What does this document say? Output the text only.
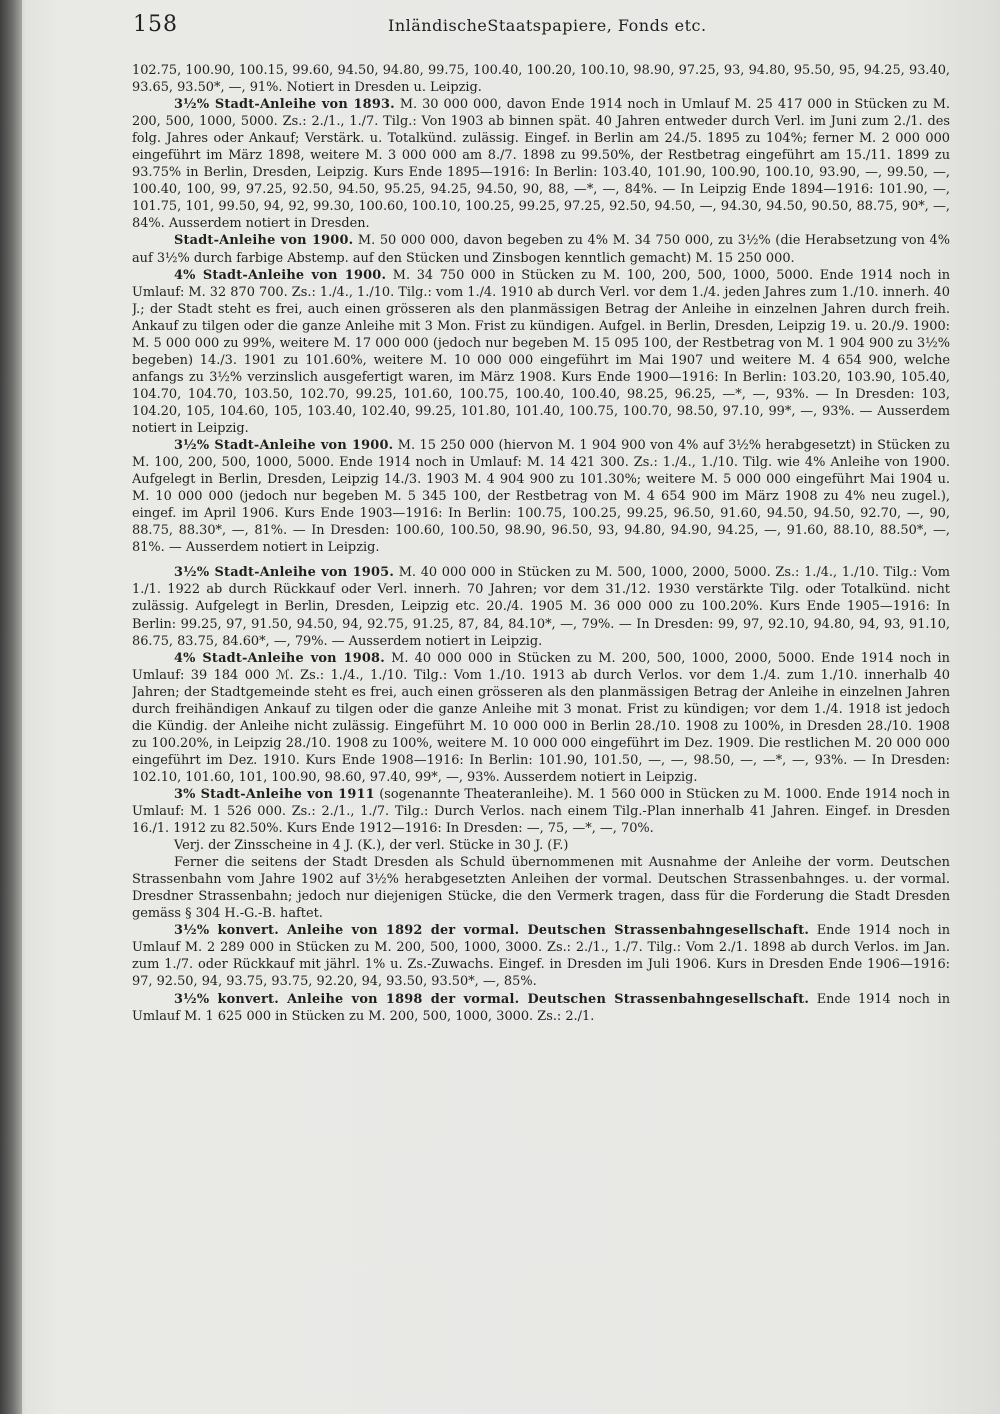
158	InländischeStaatspapiere, Fonds etc.

102.75, 100.90, 100.15, 99.60, 94.50, 94.80, 99.75, 100.40, 100.20, 100.10, 98.90, 97.25, 93, 94.80, 95.50, 95, 94.25, 93.40, 93.65, 93.50*, —, 91%. Notiert in Dresden u. Leipzig.

3½% Stadt-Anleihe von 1893. M. 30 000 000, davon Ende 1914 noch in Umlauf M. 25 417 000 in Stücken zu M. 200, 500, 1000, 5000. Zs.: 2./1., 1./7. Tilg.: Von 1903 ab binnen spät. 40 Jahren entweder durch Verl. im Juni zum 2./1. des folg. Jahres oder Ankauf; Verstärk. u. Totalkünd. zulässig. Eingef. in Berlin am 24./5. 1895 zu 104%; ferner M. 2 000 000 eingeführt im März 1898, weitere M. 3 000 000 am 8./7. 1898 zu 99.50%, der Restbetrag eingeführt am 15./11. 1899 zu 93.75% in Berlin, Dresden, Leipzig. Kurs Ende 1895—1916: In Berlin: 103.40, 101.90, 100.90, 100.10, 93.90, —, 99.50, —, 100.40, 100, 99, 97.25, 92.50, 94.50, 95.25, 94.25, 94.50, 90, 88, —*, —, 84%. — In Leipzig Ende 1894—1916: 101.90, —, 101.75, 101, 99.50, 94, 92, 99.30, 100.60, 100.10, 100.25, 99.25, 97.25, 92.50, 94.50, —, 94.30, 94.50, 90.50, 88.75, 90*, —, 84%. Ausserdem notiert in Dresden.

Stadt-Anleihe von 1900. M. 50 000 000, davon begeben zu 4% M. 34 750 000, zu 3½% (die Herabsetzung von 4% auf 3½% durch farbige Abstemp. auf den Stücken und Zinsbogen kenntlich gemacht) M. 15 250 000.

4% Stadt-Anleihe von 1900. M. 34 750 000 in Stücken zu M. 100, 200, 500, 1000, 5000. Ende 1914 noch in Umlauf: M. 32 870 700. Zs.: 1./4., 1./10. Tilg.: vom 1./4. 1910 ab durch Verl. vor dem 1./4. jeden Jahres zum 1./10. innerh. 40 J.; der Stadt steht es frei, auch einen grösseren als den planmässigen Betrag der Anleihe in einzelnen Jahren durch freih. Ankauf zu tilgen oder die ganze Anleihe mit 3 Mon. Frist zu kündigen. Aufgel. in Berlin, Dresden, Leipzig 19. u. 20./9. 1900: M. 5 000 000 zu 99%, weitere M. 17 000 000 (jedoch nur begeben M. 15 095 100, der Restbetrag von M. 1 904 900 zu 3½% begeben) 14./3. 1901 zu 101.60%, weitere M. 10 000 000 eingeführt im Mai 1907 und weitere M. 4 654 900, welche anfangs zu 3½% verzinslich ausgefertigt waren, im März 1908. Kurs Ende 1900—1916: In Berlin: 103.20, 103.90, 105.40, 104.70, 104.70, 103.50, 102.70, 99.25, 101.60, 100.75, 100.40, 100.40, 98.25, 96.25, —*, —, 93%. — In Dresden: 103, 104.20, 105, 104.60, 105, 103.40, 102.40, 99.25, 101.80, 101.40, 100.75, 100.70, 98.50, 97.10, 99*, —, 93%. — Ausserdem notiert in Leipzig.

3½% Stadt-Anleihe von 1900. M. 15 250 000 (hiervon M. 1 904 900 von 4% auf 3½% herabgesetzt) in Stücken zu M. 100, 200, 500, 1000, 5000. Ende 1914 noch in Umlauf: M. 14 421 300. Zs.: 1./4., 1./10. Tilg. wie 4% Anleihe von 1900. Aufgelegt in Berlin, Dresden, Leipzig 14./3. 1903 M. 4 904 900 zu 101.30%; weitere M. 5 000 000 eingeführt Mai 1904 u. M. 10 000 000 (jedoch nur begeben M. 5 345 100, der Restbetrag von M. 4 654 900 im März 1908 zu 4% neu zugel.), eingef. im April 1906. Kurs Ende 1903—1916: In Berlin: 100.75, 100.25, 99.25, 96.50, 91.60, 94.50, 94.50, 92.70, —, 90, 88.75, 88.30*, —, 81%. — In Dresden: 100.60, 100.50, 98.90, 96.50, 93, 94.80, 94.90, 94.25, —, 91.60, 88.10, 88.50*, —, 81%. — Ausserdem notiert in Leipzig.

3½% Stadt-Anleihe von 1905. M. 40 000 000 in Stücken zu M. 500, 1000, 2000, 5000. Zs.: 1./4., 1./10. Tilg.: Vom 1./1. 1922 ab durch Rückkauf oder Verl. innerh. 70 Jahren; vor dem 31./12. 1930 verstärkte Tilg. oder Totalkünd. nicht zulässig. Aufgelegt in Berlin, Dresden, Leipzig etc. 20./4. 1905 M. 36 000 000 zu 100.20%. Kurs Ende 1905—1916: In Berlin: 99.25, 97, 91.50, 94.50, 94, 92.75, 91.25, 87, 84, 84.10*, —, 79%. — In Dresden: 99, 97, 92.10, 94.80, 94, 93, 91.10, 86.75, 83.75, 84.60*, —, 79%. — Ausserdem notiert in Leipzig.

4% Stadt-Anleihe von 1908. M. 40 000 000 in Stücken zu M. 200, 500, 1000, 2000, 5000. Ende 1914 noch in Umlauf: 39 184 000 ℳ. Zs.: 1./4., 1./10. Tilg.: Vom 1./10. 1913 ab durch Verlos. vor dem 1./4. zum 1./10. innerhalb 40 Jahren; der Stadtgemeinde steht es frei, auch einen grösseren als den planmässigen Betrag der Anleihe in einzelnen Jahren durch freihändigen Ankauf zu tilgen oder die ganze Anleihe mit 3 monat. Frist zu kündigen; vor dem 1./4. 1918 ist jedoch die Kündig. der Anleihe nicht zulässig. Eingeführt M. 10 000 000 in Berlin 28./10. 1908 zu 100%, in Dresden 28./10. 1908 zu 100.20%, in Leipzig 28./10. 1908 zu 100%, weitere M. 10 000 000 eingeführt im Dez. 1909. Die restlichen M. 20 000 000 eingeführt im Dez. 1910. Kurs Ende 1908—1916: In Berlin: 101.90, 101.50, —, —, 98.50, —, —*, —, 93%. — In Dresden: 102.10, 101.60, 101, 100.90, 98.60, 97.40, 99*, —, 93%. Ausserdem notiert in Leipzig.

3% Stadt-Anleihe von 1911 (sogenannte Theateranleihe). M. 1 560 000 in Stücken zu M. 1000. Ende 1914 noch in Umlauf: M. 1 526 000. Zs.: 2./1., 1./7. Tilg.: Durch Verlos. nach einem Tilg.-Plan innerhalb 41 Jahren. Eingef. in Dresden 16./1. 1912 zu 82.50%. Kurs Ende 1912—1916: In Dresden: —, 75, —*, —, 70%.

Verj. der Zinsscheine in 4 J. (K.), der verl. Stücke in 30 J. (F.)

Ferner die seitens der Stadt Dresden als Schuld übernommenen mit Ausnahme der Anleihe der vorm. Deutschen Strassenbahn vom Jahre 1902 auf 3½% herabgesetzten Anleihen der vormal. Deutschen Strassenbahnges. u. der vormal. Dresdner Strassenbahn; jedoch nur diejenigen Stücke, die den Vermerk tragen, dass für die Forderung die Stadt Dresden gemäss § 304 H.-G.-B. haftet.

3½% konvert. Anleihe von 1892 der vormal. Deutschen Strassenbahngesellschaft. Ende 1914 noch in Umlauf M. 2 289 000 in Stücken zu M. 200, 500, 1000, 3000. Zs.: 2./1., 1./7. Tilg.: Vom 2./1. 1898 ab durch Verlos. im Jan. zum 1./7. oder Rückkauf mit jährl. 1% u. Zs.-Zuwachs. Eingef. in Dresden im Juli 1906. Kurs in Dresden Ende 1906—1916: 97, 92.50, 94, 93.75, 93.75, 92.20, 94, 93.50, 93.50*, —, 85%.

3½% konvert. Anleihe von 1898 der vormal. Deutschen Strassenbahngesellschaft. Ende 1914 noch in Umlauf M. 1 625 000 in Stücken zu M. 200, 500, 1000, 3000. Zs.: 2./1.
